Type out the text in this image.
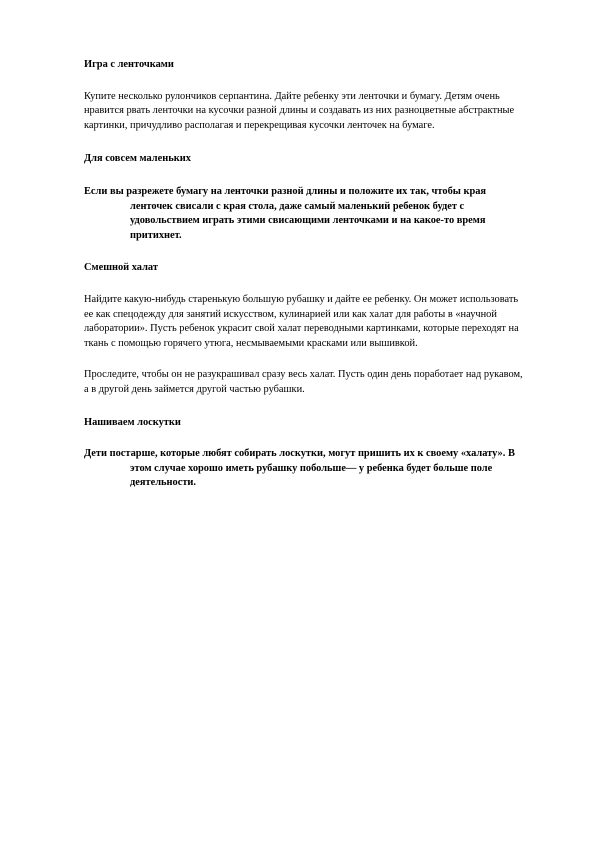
Игра с ленточками
Купите несколько рулончиков серпантина. Дайте ребенку эти ленточки и бумагу. Детям очень нравится рвать ленточки на кусочки разной длины и создавать из них разноцветные абстрактные картинки, причудливо располагая и перекрещивая кусочки ленточек на бумаге.
Для совсем маленьких
Если вы разрежете бумагу на ленточки разной длины и положите их так, чтобы края ленточек свисали с края стола, даже самый маленький ребенок будет с удовольствием играть этими свисающими ленточками и на какое-то время притихнет.
Смешной халат
Найдите какую-нибудь старенькую большую рубашку и дайте ее ребенку. Он может использовать ее как спецодежду для занятий искусством, кулинарией или как халат для работы в «научной лаборатории». Пусть ребенок украсит свой халат переводными картинками, которые переходят на ткань с помощью горячего утюга, несмываемыми красками или вышивкой.
Проследите, чтобы он не разукрашивал сразу весь халат. Пусть один день поработает над рукавом, а в другой день займется другой частью рубашки.
Нашиваем лоскутки
Дети постарше, которые любят собирать лоскутки, могут пришить их к своему «халату». В этом случае хорошо иметь рубашку побольше— у ребенка будет больше поле деятельности.
